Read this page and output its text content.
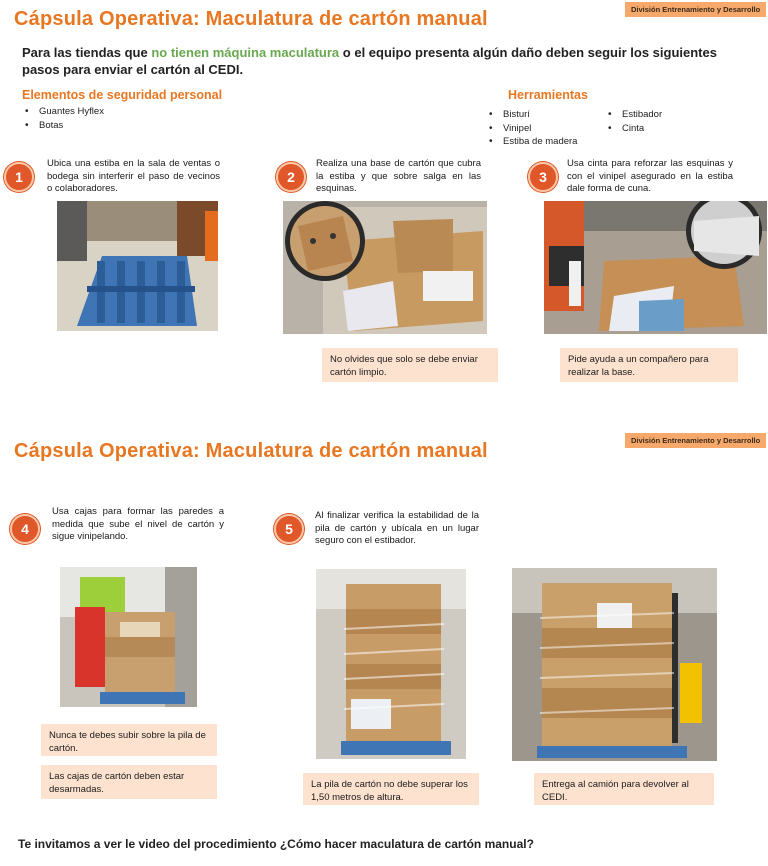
Cápsula Operativa: Maculatura de cartón manual	División Entrenamiento y Desarrollo
Para las tiendas que no tienen máquina maculatura o el equipo presenta algún daño deben seguir los siguientes pasos para enviar el cartón al CEDI.
Elementos de seguridad personal
• Guantes Hyflex
• Botas
Herramientas
• Bisturí
• Vinipel
• Estiba de madera
• Estibador
• Cinta
1
Ubica una estiba en la sala de ventas o bodega sin interferir el paso de vecinos o colaboradores.
2
Realiza una base de cartón que cubra la estiba y que sobre salga en las esquinas.
No olvides que solo se debe enviar cartón limpio.
3
Usa cinta para reforzar las esquinas y con el vinipel asegurado en la estiba dale forma de cuna.
Pide ayuda a un compañero para realizar la base.
División Entrenamiento y Desarrollo
Cápsula Operativa: Maculatura de cartón manual
4
Usa cajas para formar las paredes a medida que sube el nivel de cartón y sigue vinipelando.
Nunca te debes subir sobre la pila de cartón.
Las cajas de cartón deben estar desarmadas.
5
Al finalizar verifica la estabilidad de la pila de cartón y ubícala en un lugar seguro con el estibador.
La pila de cartón no debe superar los 1,50 metros de altura.
Entrega al camión para devolver al CEDI.
Te invitamos a ver le video del procedimiento ¿Cómo hacer maculatura de cartón manual?
